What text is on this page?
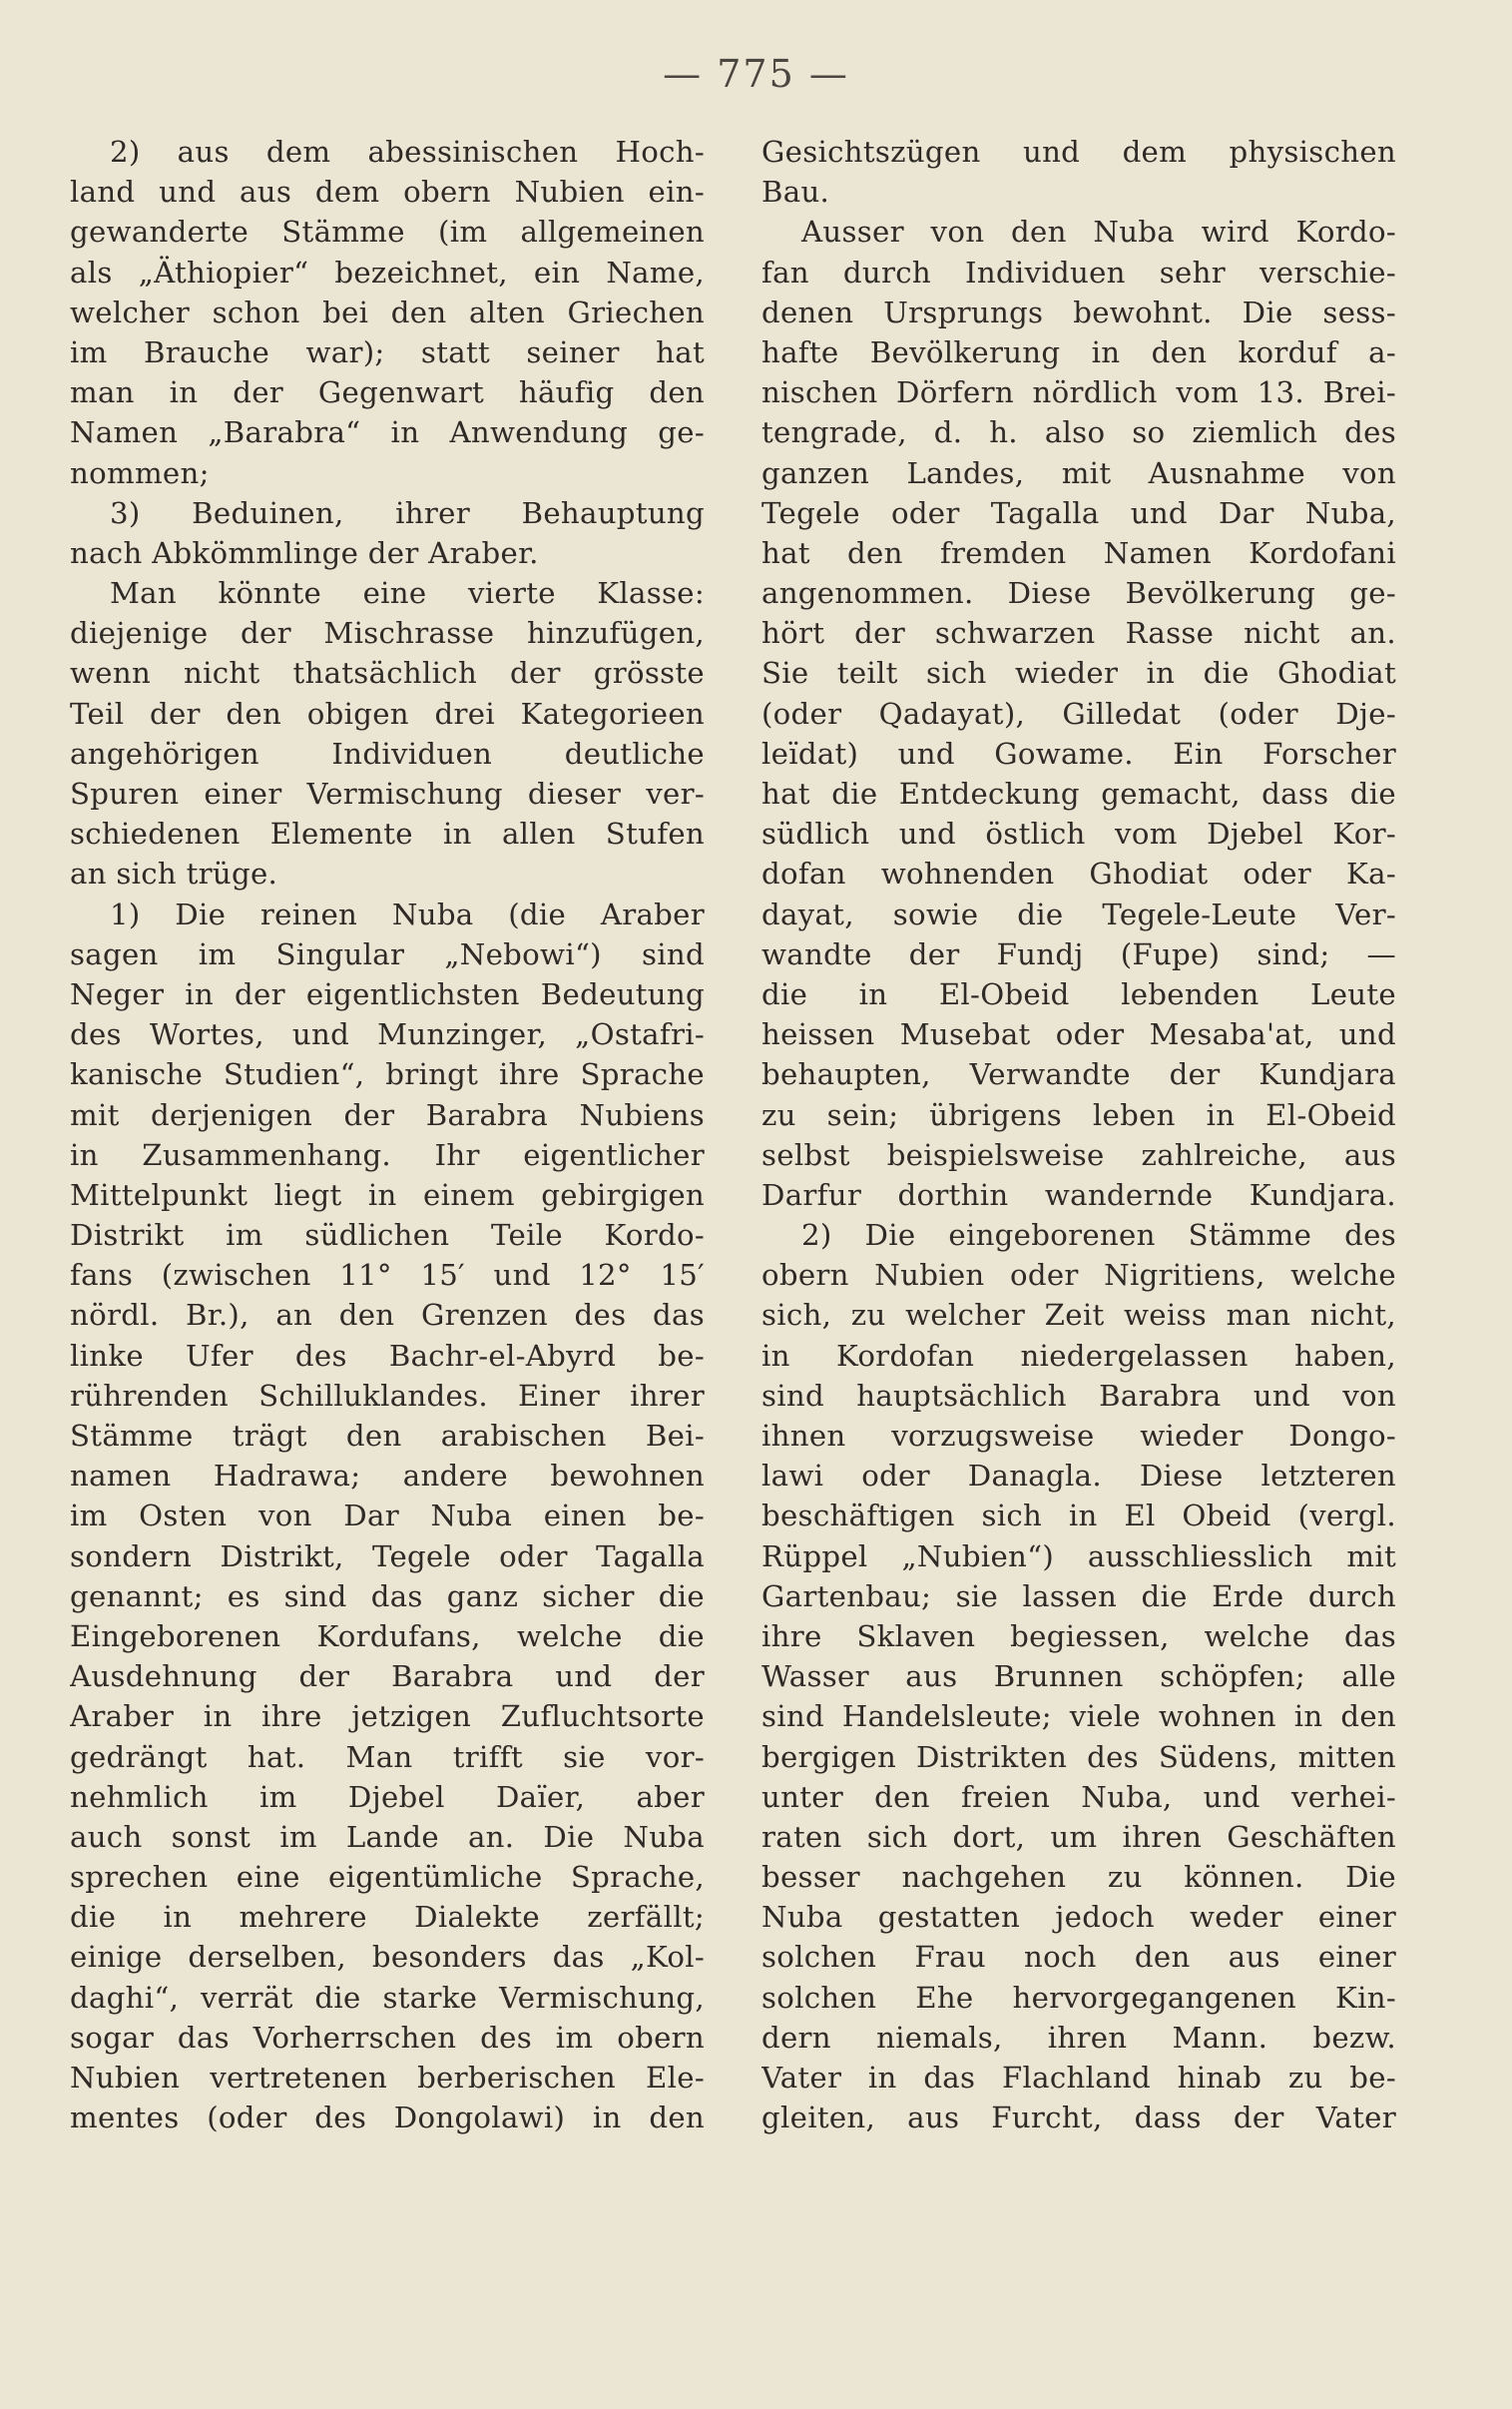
— 775 —
2) aus dem abessinischen Hoch-
land und aus dem obern Nubien ein-
gewanderte Stämme (im allgemeinen
als „Äthiopier“ bezeichnet, ein Name,
welcher schon bei den alten Griechen
im Brauche war); statt seiner hat
man in der Gegenwart häufig den
Namen „Barabra“ in Anwendung ge-
nommen;
3) Beduinen, ihrer Behauptung
nach Abkömmlinge der Araber.
Man könnte eine vierte Klasse:
diejenige der Mischrasse hinzufügen,
wenn nicht thatsächlich der grösste
Teil der den obigen drei Kategorieen
angehörigen Individuen deutliche
Spuren einer Vermischung dieser ver-
schiedenen Elemente in allen Stufen
an sich trüge.
1) Die reinen Nuba (die Araber
sagen im Singular „Nebowi“) sind
Neger in der eigentlichsten Bedeutung
des Wortes, und Munzinger, „Ostafri-
kanische Studien“, bringt ihre Sprache
mit derjenigen der Barabra Nubiens
in Zusammenhang. Ihr eigentlicher
Mittelpunkt liegt in einem gebirgigen
Distrikt im südlichen Teile Kordo-
fans (zwischen 11° 15′ und 12° 15′
nördl. Br.), an den Grenzen des das
linke Ufer des Bachr-el-Abyrd be-
rührenden Schilluklandes. Einer ihrer
Stämme trägt den arabischen Bei-
namen Hadrawa; andere bewohnen
im Osten von Dar Nuba einen be-
sondern Distrikt, Tegele oder Tagalla
genannt; es sind das ganz sicher die
Eingeborenen Kordufans, welche die
Ausdehnung der Barabra und der
Araber in ihre jetzigen Zufluchtsorte
gedrängt hat. Man trifft sie vor-
nehmlich im Djebel Daïer, aber
auch sonst im Lande an. Die Nuba
sprechen eine eigentümliche Sprache,
die in mehrere Dialekte zerfällt;
einige derselben, besonders das „Kol-
daghi“, verrät die starke Vermischung,
sogar das Vorherrschen des im obern
Nubien vertretenen berberischen Ele-
mentes (oder des Dongolawi) in den
Gesichtszügen und dem physischen
Bau.
Ausser von den Nuba wird Kordo-
fan durch Individuen sehr verschie-
denen Ursprungs bewohnt. Die sess-
hafte Bevölkerung in den korduf a-
nischen Dörfern nördlich vom 13. Brei-
tengrade, d. h. also so ziemlich des
ganzen Landes, mit Ausnahme von
Tegele oder Tagalla und Dar Nuba,
hat den fremden Namen Kordofani
angenommen. Diese Bevölkerung ge-
hört der schwarzen Rasse nicht an.
Sie teilt sich wieder in die Ghodiat
(oder Qadayat), Gilledat (oder Dje-
leïdat) und Gowame. Ein Forscher
hat die Entdeckung gemacht, dass die
südlich und östlich vom Djebel Kor-
dofan wohnenden Ghodiat oder Ka-
dayat, sowie die Tegele-Leute Ver-
wandte der Fundj (Fupe) sind; —
die in El-Obeid lebenden Leute
heissen Musebat oder Mesaba'at, und
behaupten, Verwandte der Kundjara
zu sein; übrigens leben in El-Obeid
selbst beispielsweise zahlreiche, aus
Darfur dorthin wandernde Kundjara.
2) Die eingeborenen Stämme des
obern Nubien oder Nigritiens, welche
sich, zu welcher Zeit weiss man nicht,
in Kordofan niedergelassen haben,
sind hauptsächlich Barabra und von
ihnen vorzugsweise wieder Dongo-
lawi oder Danagla. Diese letzteren
beschäftigen sich in El Obeid (vergl.
Rüppel „Nubien“) ausschliesslich mit
Gartenbau; sie lassen die Erde durch
ihre Sklaven begiessen, welche das
Wasser aus Brunnen schöpfen; alle
sind Handelsleute; viele wohnen in den
bergigen Distrikten des Südens, mitten
unter den freien Nuba, und verhei-
raten sich dort, um ihren Geschäften
besser nachgehen zu können. Die
Nuba gestatten jedoch weder einer
solchen Frau noch den aus einer
solchen Ehe hervorgegangenen Kin-
dern niemals, ihren Mann. bezw.
Vater in das Flachland hinab zu be-
gleiten, aus Furcht, dass der Vater
